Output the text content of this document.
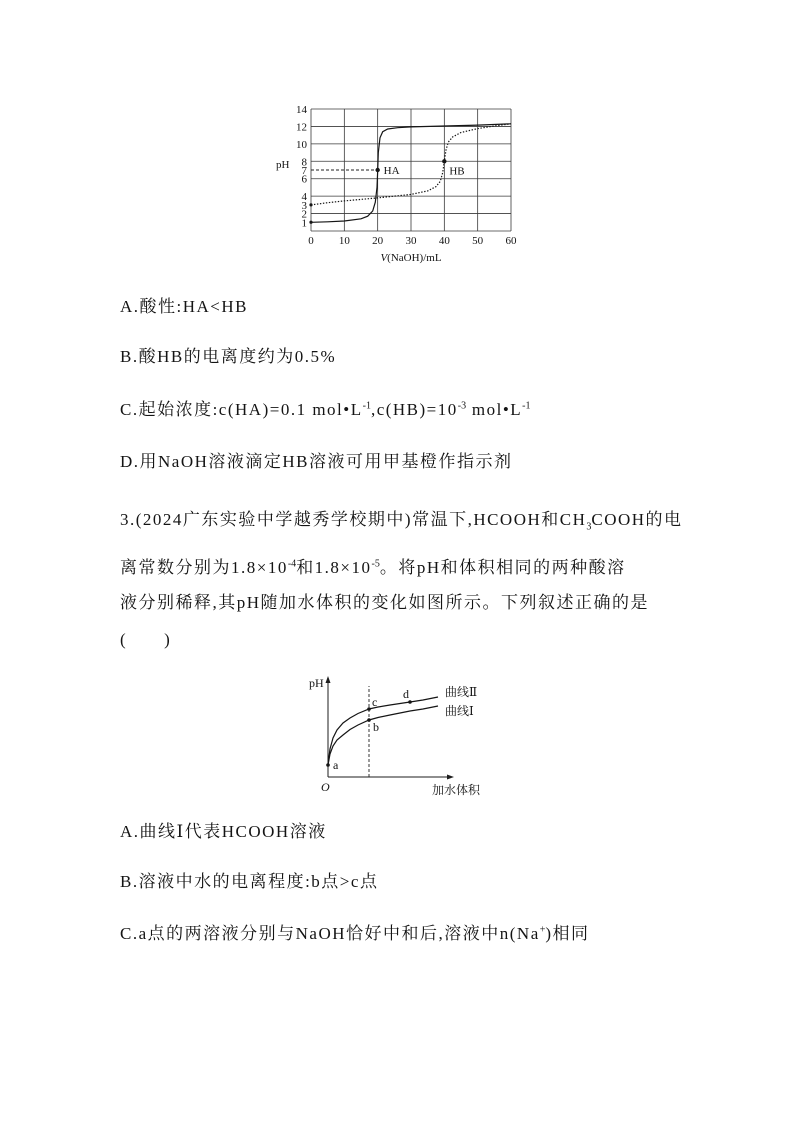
0 10 20 30 40 50 60
1
2
3
4
6
7
8
10
12
14
HA	HB
pH
V(NaOH)/mL
A.酸性:HA<HB
B.酸HB的电离度约为0.5%
C.起始浓度:c(HA)=0.1 $mol•L^{-1},c(HB)=10^{-3}$ $mol•L^{-1}$
D.用NaOH溶液滴定HB溶液可用甲基橙作指示剂
3.(2024广东实验中学越秀学校期中)常温下,HCOOH和$CH_3COOH$的电
离常数分别为$1.8\times 10^{-4}$和$1.8\times 10^{-5}$。将pH和体积相同的两种酸溶
液分别稀释,其pH随加水体积的变化如图所示。下列叙述正确的是
(　　)
曲线Ⅱ
曲线Ⅰ
a
b
c
d
pH
O	加水体积
A.曲线Ⅰ代表HCOOH溶液
B.溶液中水的电离程度:b点>c点
C.a点的两溶液分别与NaOH恰好中和后,溶液中n(Na+)相同
